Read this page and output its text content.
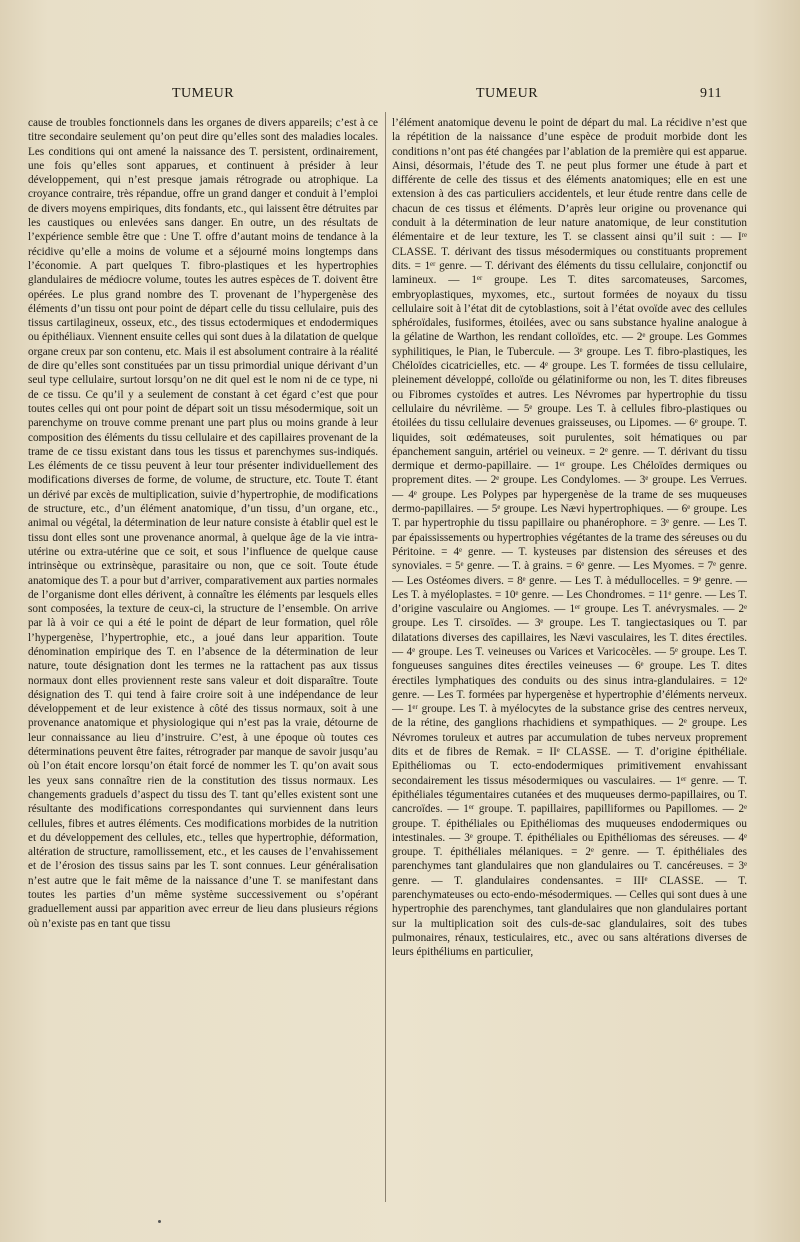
TUMEUR	TUMEUR	911

cause de troubles fonctionnels dans les organes de divers appareils; c’est à ce titre secondaire seulement qu’on peut dire qu’elles sont des maladies locales. Les conditions qui ont amené la naissance des T. persistent, ordinairement, une fois qu’elles sont apparues, et continuent à présider à leur développement, qui n’est presque jamais rétrograde ou atrophique. La croyance contraire, très répandue, offre un grand danger et conduit à l’emploi de divers moyens empiriques, dits fondants, etc., qui laissent être détruites par les caustiques ou enlevées sans danger. En outre, un des résultats de l’expérience semble être que : Une T. offre d’autant moins de tendance à la récidive qu’elle a moins de volume et a séjourné moins longtemps dans l’économie. A part quelques T. fibro-plastiques et les hypertrophies glandulaires de médiocre volume, toutes les autres espèces de T. doivent être opérées. Le plus grand nombre des T. provenant de l’hypergenèse des éléments d’un tissu ont pour point de départ celle du tissu cellulaire, puis des tissus cartilagineux, osseux, etc., des tissus ectodermiques et endodermiques ou épithéliaux. Viennent ensuite celles qui sont dues à la dilatation de quelque organe creux par son contenu, etc. Mais il est absolument contraire à la réalité de dire qu’elles sont constituées par un tissu primordial unique dérivant d’un seul type cellulaire, surtout lorsqu’on ne dit quel est le nom ni de ce type, ni de ce tissu. Ce qu’il y a seulement de constant à cet égard c’est que pour toutes celles qui ont pour point de départ soit un tissu mésodermique, soit un parenchyme on trouve comme prenant une part plus ou moins grande à leur composition des éléments du tissu cellulaire et des capillaires provenant de la trame de ce tissu existant dans tous les tissus et parenchymes sus-indiqués. Les éléments de ce tissu peuvent à leur tour présenter individuellement des modifications diverses de forme, de volume, de structure, etc. Toute T. étant un dérivé par excès de multiplication, suivie d’hypertrophie, de modifications de structure, etc., d’un élément anatomique, d’un tissu, d’un organe, etc., animal ou végétal, la détermination de leur nature consiste à établir quel est le tissu dont elles sont une provenance anormal, à quelque âge de la vie intra-utérine ou extra-utérine que ce soit, et sous l’influence de quelque cause intrinsèque ou extrinsèque, parasitaire ou non, que ce soit. Toute étude anatomique des T. a pour but d’arriver, comparativement aux parties normales de l’organisme dont elles dérivent, à connaître les éléments par lesquels elles sont composées, la texture de ceux-ci, la structure de l’ensemble. On arrive par là à voir ce qui a été le point de départ de leur formation, quel rôle l’hypergenèse, l’hypertrophie, etc., a joué dans leur apparition. Toute dénomination empirique des T. en l’absence de la détermination de leur nature, toute désignation dont les termes ne la rattachent pas aux tissus normaux dont elles proviennent reste sans valeur et doit disparaître. Toute désignation des T. qui tend à faire croire soit à une indépendance de leur développement et de leur existence à côté des tissus normaux, soit à une provenance anatomique et physiologique qui n’est pas la vraie, détourne de leur connaissance au lieu d’instruire. C’est, à une époque où toutes ces déterminations peuvent être faites, rétrograder par manque de savoir jusqu’au où l’on était encore lorsqu’on était forcé de nommer les T. qu’on avait sous les yeux sans connaître rien de la constitution des tissus normaux. Les changements graduels d’aspect du tissu des T. tant qu’elles existent sont une résultante des modifications correspondantes qui surviennent dans leurs cellules, fibres et autres éléments. Ces modifications morbides de la nutrition et du développement des cellules, etc., telles que hypertrophie, déformation, altération de structure, ramollissement, etc., et les causes de l’envahissement et de l’érosion des tissus sains par les T. sont connues. Leur généralisation n’est autre que le fait même de la naissance d’une T. se manifestant dans toutes les parties d’un même système successivement ou s’opérant graduellement aussi par apparition avec erreur de lieu dans plusieurs régions où n’existe pas en tant que tissu

l’élément anatomique devenu le point de départ du mal. La récidive n’est que la répétition de la naissance d’une espèce de produit morbide dont les conditions n’ont pas été changées par l’ablation de la première qui est apparue. Ainsi, désormais, l’étude des T. ne peut plus former une étude à part et différente de celle des tissus et des éléments anatomiques; elle en est une extension à des cas particuliers accidentels, et leur étude rentre dans celle de chacun de ces tissus et éléments. D’après leur origine ou provenance qui conduit à la détermination de leur nature anatomique, de leur constitution élémentaire et de leur texture, les T. se classent ainsi qu’il suit : — Iʳᵉ CLASSE. T. dérivant des tissus mésodermiques ou constituants proprement dits. = 1ᵉʳ genre. — T. dérivant des éléments du tissu cellulaire, conjonctif ou lamineux. — 1ᵉʳ groupe. Les T. dites sarcomateuses, Sarcomes, embryoplastiques, myxomes, etc., surtout formées de noyaux du tissu cellulaire soit à l’état dit de cytoblastions, soit à l’état ovoïde avec des cellules sphéroïdales, fusiformes, étoilées, avec ou sans substance hyaline analogue à la gélatine de Warthon, les rendant colloïdes, etc. — 2ᵉ groupe. Les Gommes syphilitiques, le Pian, le Tubercule. — 3ᵉ groupe. Les T. fibro-plastiques, les Chéloïdes cicatricielles, etc. — 4ᵉ groupe. Les T. formées de tissu cellulaire, pleinement développé, colloïde ou gélatiniforme ou non, les T. dites fibreuses ou Fibromes cystoïdes et autres. Les Névromes par hypertrophie du tissu cellulaire du névrilème. — 5ᵉ groupe. Les T. à cellules fibro-plastiques ou étoilées du tissu cellulaire devenues graisseuses, ou Lipomes. — 6ᵉ groupe. T. liquides, soit œdémateuses, soit purulentes, soit hématiques ou par épanchement sanguin, artériel ou veineux. = 2ᵉ genre. — T. dérivant du tissu dermique et dermo-papillaire. — 1ᵉʳ groupe. Les Chéloïdes dermiques ou proprement dites. — 2ᵉ groupe. Les Condylomes. — 3ᵉ groupe. Les Verrues. — 4ᵉ groupe. Les Polypes par hypergenèse de la trame de ses muqueuses dermo-papillaires. — 5ᵉ groupe. Les Nævi hypertrophiques. — 6ᵉ groupe. Les T. par hypertrophie du tissu papillaire ou phanérophore. = 3ᵉ genre. — Les T. par épaississements ou hypertrophies végétantes de la trame des séreuses ou du Péritoine. = 4ᵉ genre. — T. kysteuses par distension des séreuses et des synoviales. = 5ᵉ genre. — T. à grains. = 6ᵉ genre. — Les Myomes. = 7ᵉ genre. — Les Ostéomes divers. = 8ᵉ genre. — Les T. à médullocelles. = 9ᵉ genre. — Les T. à myéloplastes. = 10ᵉ genre. — Les Chondromes. = 11ᵉ genre. — Les T. d’origine vasculaire ou Angiomes. — 1ᵉʳ groupe. Les T. anévrysmales. — 2ᵉ groupe. Les T. cirsoïdes. — 3ᵉ groupe. Les T. tangiectasiques ou T. par dilatations diverses des capillaires, les Nævi vasculaires, les T. dites érectiles. — 4ᵉ groupe. Les T. veineuses ou Varices et Varicocèles. — 5ᵉ groupe. Les T. fongueuses sanguines dites érectiles veineuses — 6ᵉ groupe. Les T. dites érectiles lymphatiques des conduits ou des sinus intra-glandulaires. = 12ᵉ genre. — Les T. formées par hypergenèse et hypertrophie d’éléments nerveux. — 1ᵉʳ groupe. Les T. à myélocytes de la substance grise des centres nerveux, de la rétine, des ganglions rhachidiens et sympathiques. — 2ᵉ groupe. Les Névromes toruleux et autres par accumulation de tubes nerveux proprement dits et de fibres de Remak. = IIᵉ CLASSE. — T. d’origine épithéliale. Epithéliomas ou T. ecto-endodermiques primitivement envahissant secondairement les tissus mésodermiques ou vasculaires. — 1ᵉʳ genre. — T. épithéliales tégumentaires cutanées et des muqueuses dermo-papillaires, ou T. cancroïdes. — 1ᵉʳ groupe. T. papillaires, papilliformes ou Papillomes. — 2ᵉ groupe. T. épithéliales ou Epithéliomas des muqueuses endodermiques ou intestinales. — 3ᵉ groupe. T. épithéliales ou Epithéliomas des séreuses. — 4ᵉ groupe. T. épithéliales mélaniques. = 2ᵉ genre. — T. épithéliales des parenchymes tant glandulaires que non glandulaires ou T. cancéreuses. = 3ᵉ genre. — T. glandulaires condensantes. = IIIᵉ CLASSE. — T. parenchymateuses ou ecto-endo-mésodermiques. — Celles qui sont dues à une hypertrophie des parenchymes, tant glandulaires que non glandulaires portant sur la multiplication soit des culs-de-sac glandulaires, soit des tubes pulmonaires, rénaux, testiculaires, etc., avec ou sans altérations diverses de leurs épithéliums en particulier,
